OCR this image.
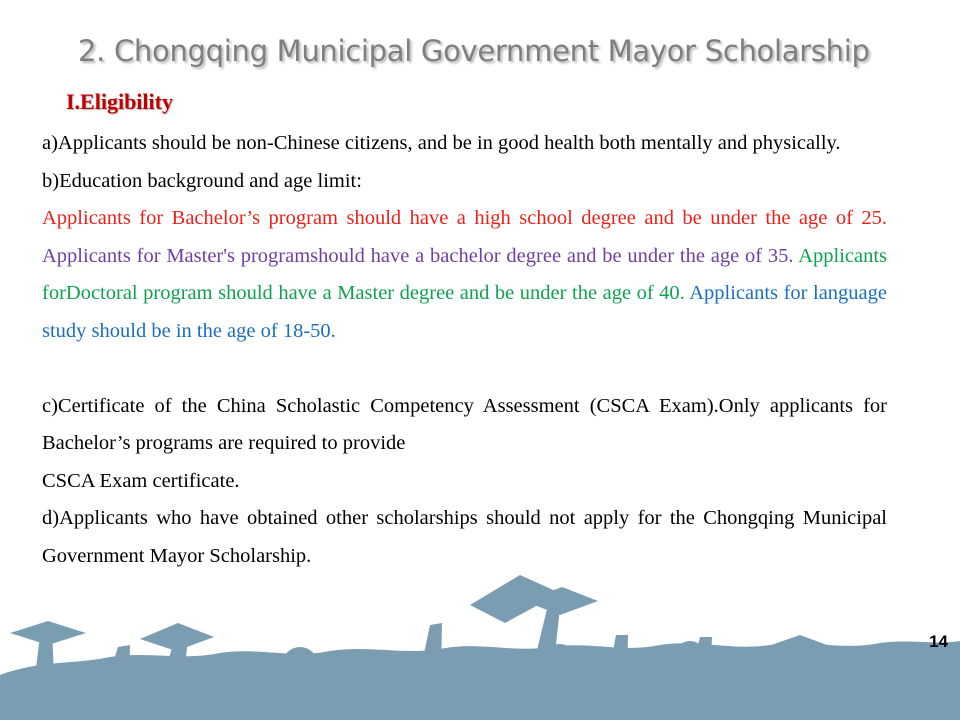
2. Chongqing Municipal Government Mayor Scholarship
I.Eligibility

a)Applicants should be non-Chinese citizens, and be in good health both mentally and physically.

b)Education background and age limit:

Applicants for Bachelor’s program should have a high school degree and be under the age of 25. Applicants for Master's programshould have a bachelor degree and be under the age of 35. Applicants forDoctoral program should have a Master degree and be under the age of 40. Applicants for language study should be in the age of 18-50.

c)Certificate of the China Scholastic Competency Assessment (CSCA Exam).Only applicants for Bachelor’s programs are required to provide

CSCA Exam certificate.

d)Applicants who have obtained other scholarships should not apply for the Chongqing Municipal Government Mayor Scholarship.

14
